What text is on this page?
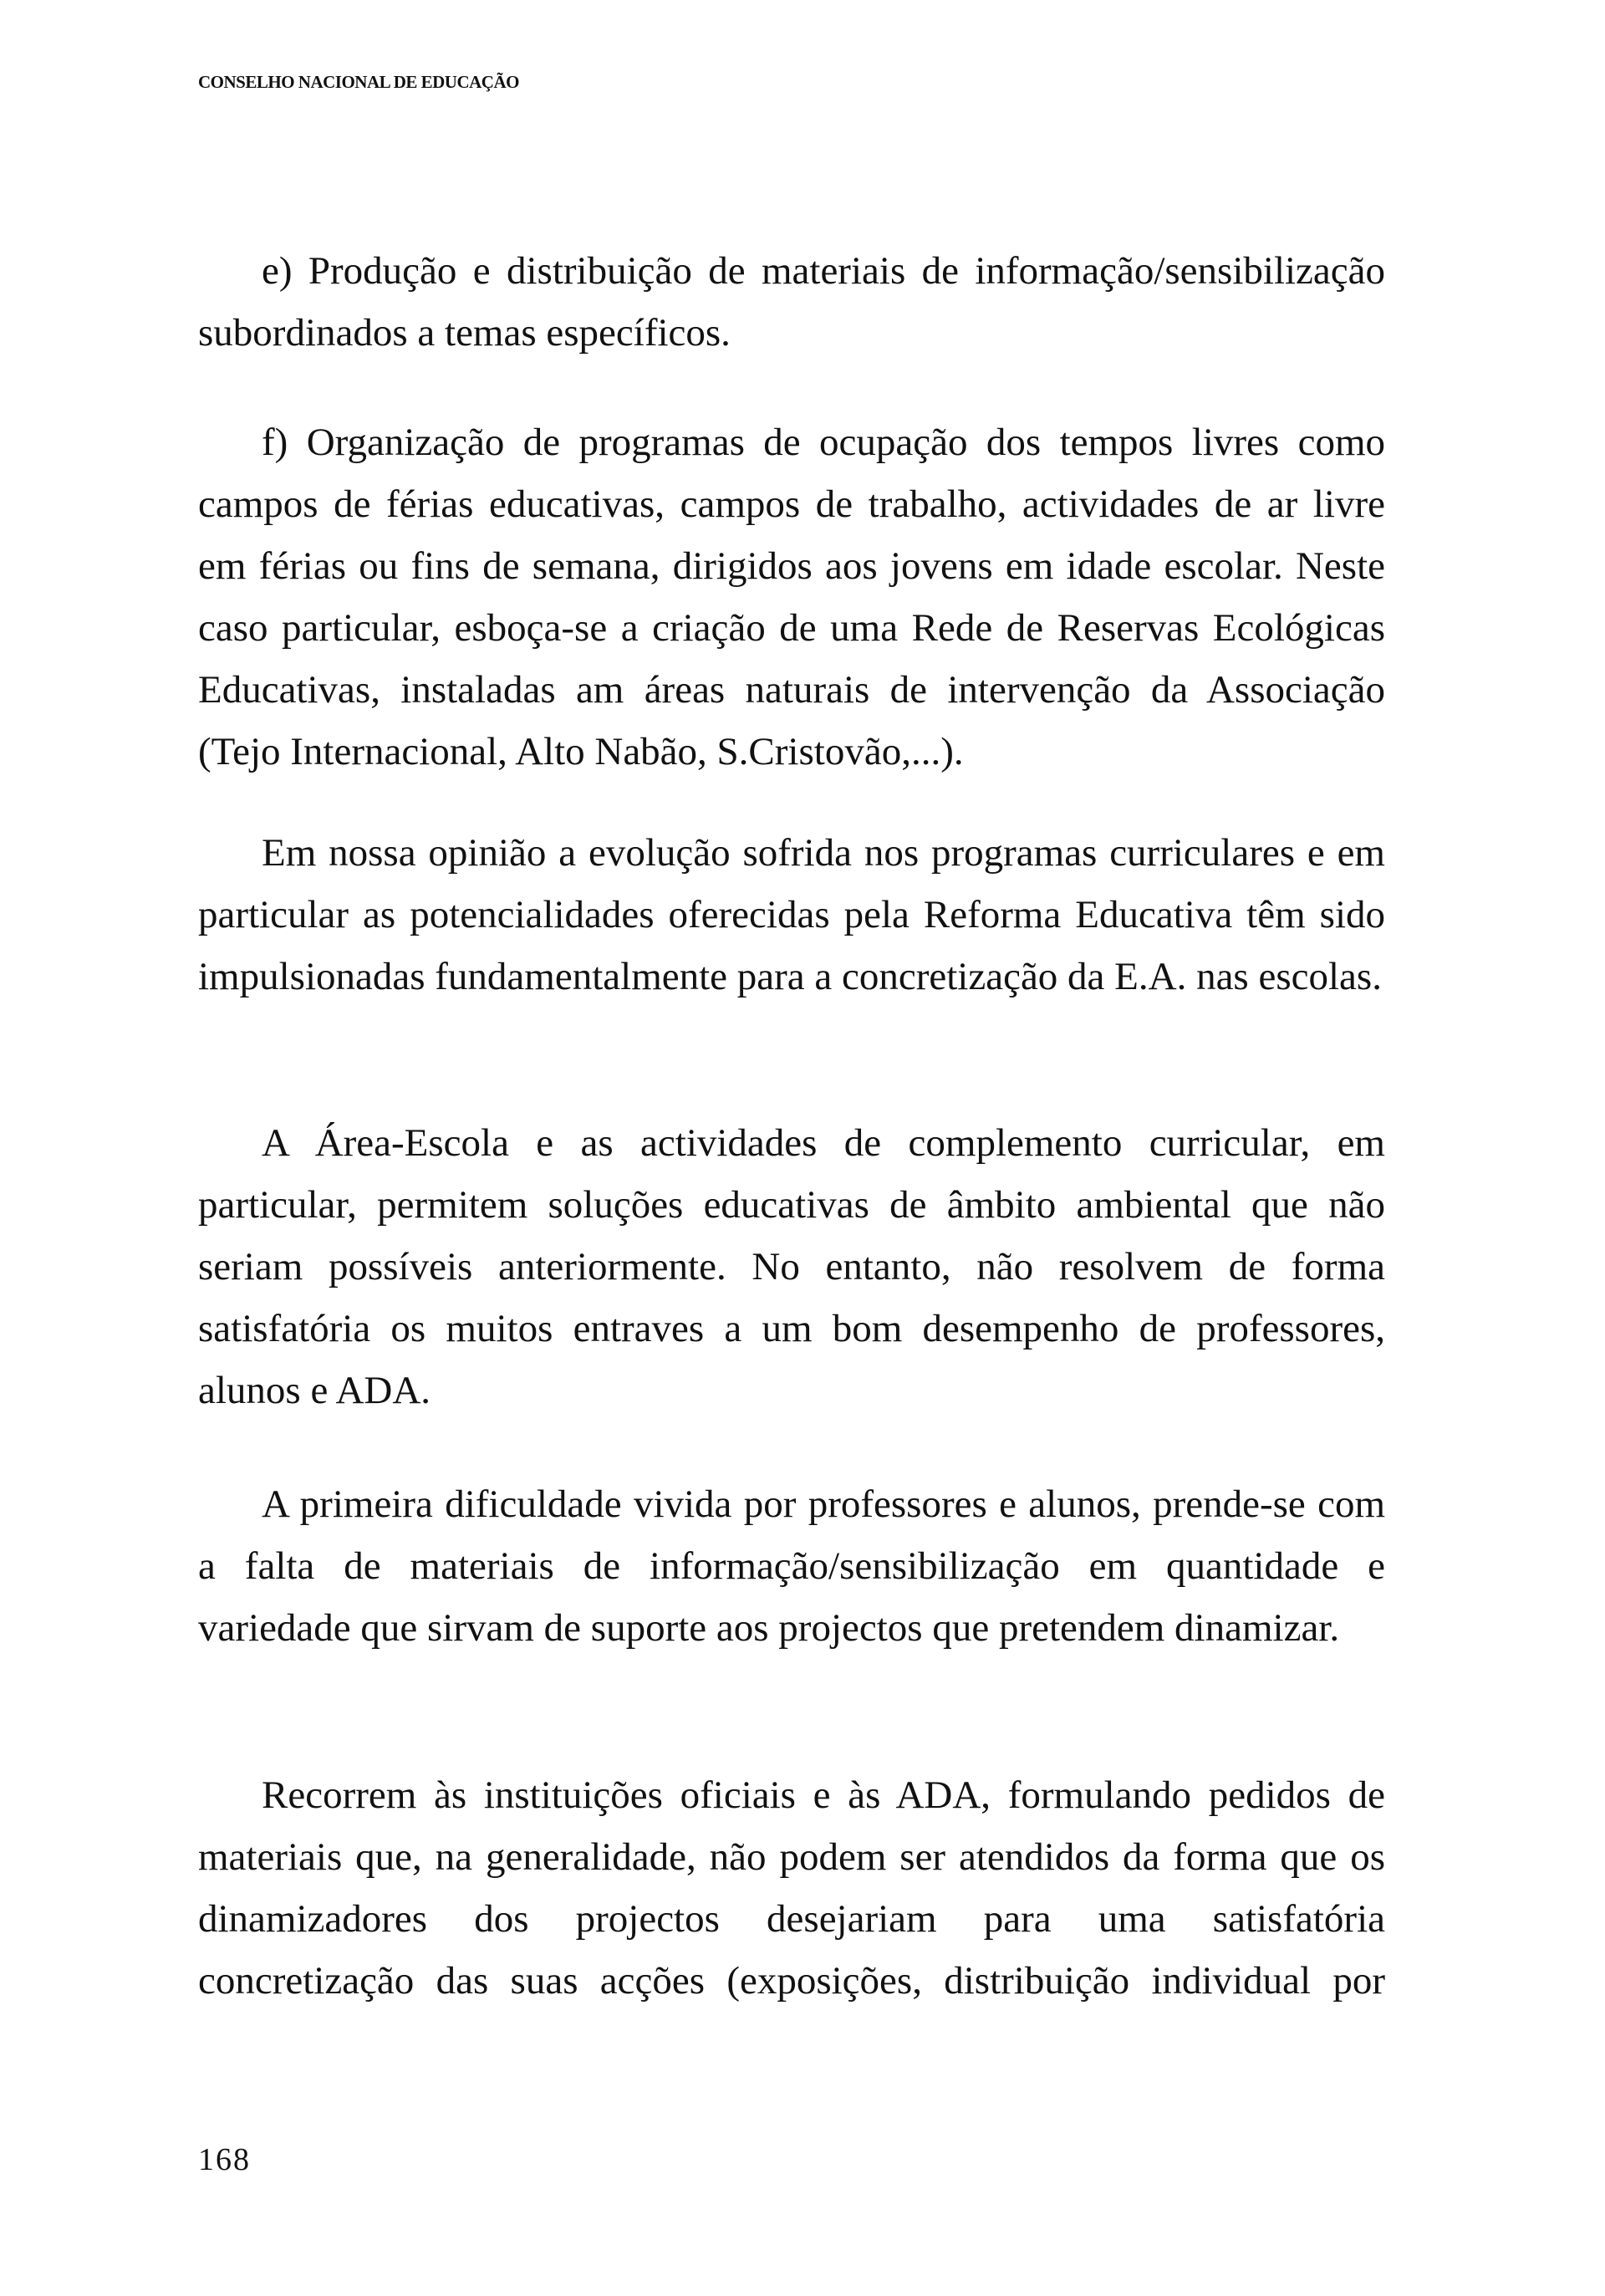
CONSELHO NACIONAL DE EDUCAÇÃO

e) Produção e distribuição de materiais de informação/sensibilização subordinados a temas específicos.

f) Organização de programas de ocupação dos tempos livres como campos de férias educativas, campos de trabalho, actividades de ar livre em férias ou fins de semana, dirigidos aos jovens em idade escolar. Neste caso particular, esboça-se a criação de uma Rede de Reservas Ecológicas Educativas, instaladas am áreas naturais de intervenção da Associação (Tejo Internacional, Alto Nabão, S.Cristovão,...).

Em nossa opinião a evolução sofrida nos programas curriculares e em particular as potencialidades oferecidas pela Reforma Educativa têm sido impulsionadas fundamentalmente para a concretização da E.A. nas escolas.

A Área-Escola e as actividades de complemento curricular, em particular, permitem soluções educativas de âmbito ambiental que não seriam possíveis anteriormente. No entanto, não resolvem de forma satisfatória os muitos entraves a um bom desempenho de professores, alunos e ADA.

A primeira dificuldade vivida por professores e alunos, prende-se com a falta de materiais de informação/sensibilização em quantidade e variedade que sirvam de suporte aos projectos que pretendem dinamizar.

Recorrem às instituições oficiais e às ADA, formulando pedidos de materiais que, na generalidade, não podem ser atendidos da forma que os dinamizadores dos projectos desejariam para uma satisfatória concretização das suas acções (exposições, distribuição individual por

168
